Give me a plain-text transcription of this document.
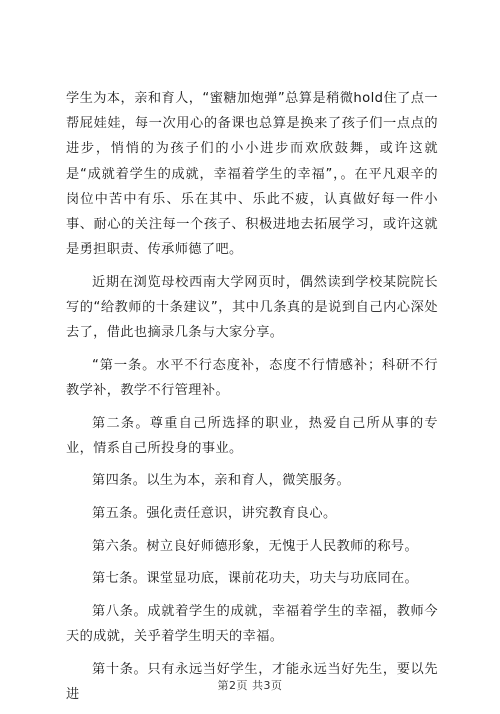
学生为本，亲和育人，“蜜糖加炮弹”总算是稍微hold住了点一帮屁娃娃，每一次用心的备课也总算是换来了孩子们一点点的进步，悄悄的为孩子们的小小进步而欢欣鼓舞，或许这就是“成就着学生的成就，幸福着学生的幸福”，。在平凡艰辛的岗位中苦中有乐、乐在其中、乐此不疲，认真做好每一件小事、耐心的关注每一个孩子、积极进地去拓展学习，或许这就是勇担职责、传承师德了吧。

近期在浏览母校西南大学网页时，偶然读到学校某院院长写的“给教师的十条建议”，其中几条真的是说到自己内心深处去了，借此也摘录几条与大家分享。

“第一条。水平不行态度补，态度不行情感补；科研不行教学补，教学不行管理补。

第二条。尊重自己所选择的职业，热爱自己所从事的专业，情系自己所投身的事业。

第四条。以生为本，亲和育人，微笑服务。

第五条。强化责任意识，讲究教育良心。

第六条。树立良好师德形象，无愧于人民教师的称号。

第七条。课堂显功底，课前花功夫，功夫与功底同在。

第八条。成就着学生的成就，幸福着学生的幸福，教师今天的成就，关乎着学生明天的幸福。

第十条。只有永远当好学生，才能永远当好先生，要以先进

第2页 共3页
